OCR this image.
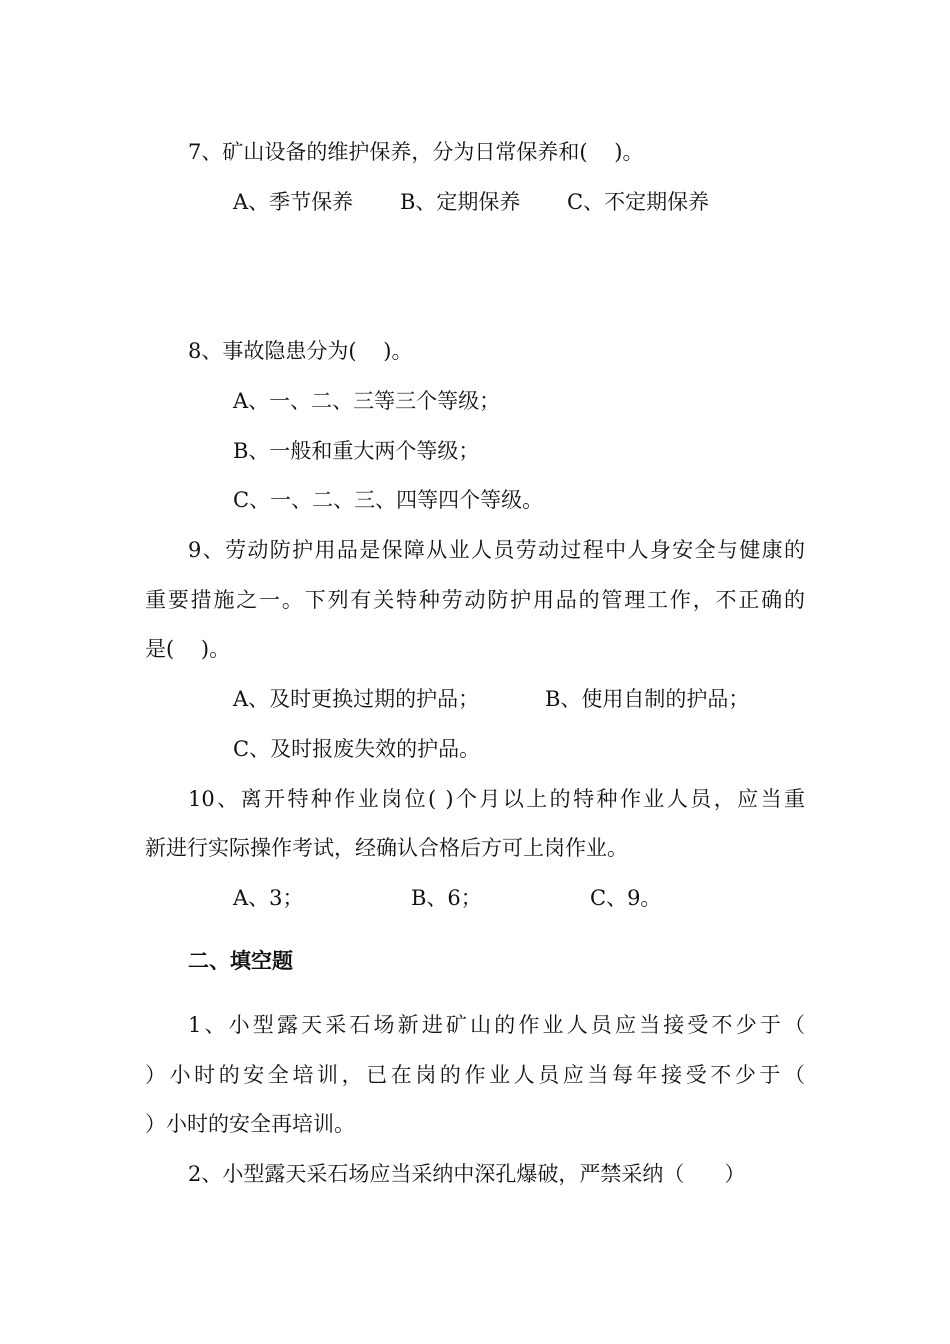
7、矿山设备的维护保养，分为日常保养和(    )。

A、季节保养 B、定期保养 C、不定期保养

8、事故隐患分为(    )。

A、一、二、三等三个等级；

B、一般和重大两个等级；

C、一、二、三、四等四个等级。

9、劳动防护用品是保障从业人员劳动过程中人身安全与健康的

重要措施之一。下列有关特种劳动防护用品的管理工作，不正确的

是(    )。

A、及时更换过期的护品；	B、使用自制的护品；

C、及时报废失效的护品。

10、离开特种作业岗位( )个月以上的特种作业人员，应当重

新进行实际操作考试，经确认合格后方可上岗作业。

A、3；	B、6；	C、9。

二、填空题

1、小型露天采石场新进矿山的作业人员应当接受不少于（

）小时的安全培训，已在岗的作业人员应当每年接受不少于（

）小时的安全再培训。

2、小型露天采石场应当采纳中深孔爆破，严禁采纳（      ）
